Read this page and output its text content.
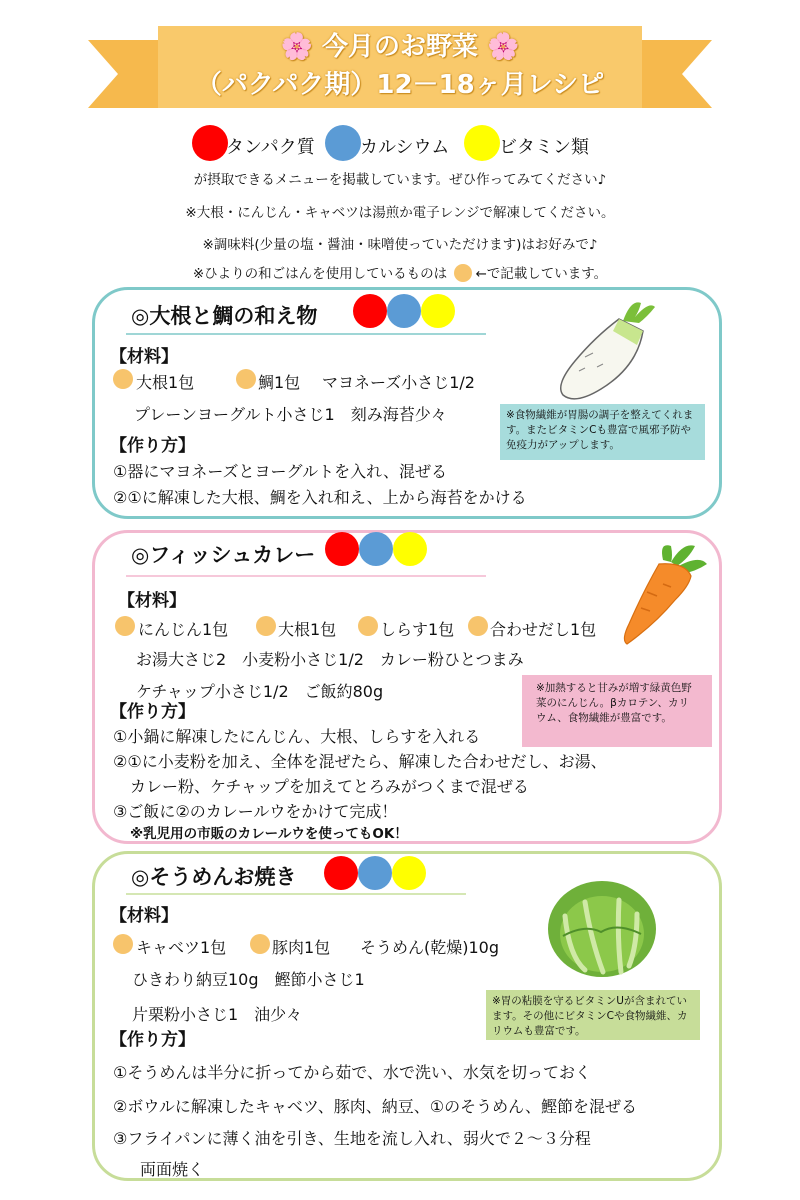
🌸 今月のお野菜 🌸
（パクパク期）12－18ヶ月レシピ
タンパク質	カルシウム	ビタミン類
が摂取できるメニューを掲載しています。ぜひ作ってみてください♪
※大根・にんじん・キャベツは湯煎か電子レンジで解凍してください。
※調味料(少量の塩・醤油・味噌使っていただけます)はお好みで♪
※ひよりの和ごはんを使用しているものは ←で記載しています。
◎大根と鯛の和え物
【材料】
大根1包	鯛1包 マヨネーズ小さじ1/2
プレーンヨーグルト小さじ1　刻み海苔少々
【作り方】
①器にマヨネーズとヨーグルトを入れ、混ぜる
②①に解凍した大根、鯛を入れ和え、上から海苔をかける
※食物繊維が胃腸の調子を整えてくれます。またビタミンCも豊富で風邪予防や免疫力がアップします。
◎フィッシュカレー
【材料】
にんじん1包	大根1包	しらす1包 合わせだし1包
お湯大さじ2　小麦粉小さじ1/2　カレー粉ひとつまみ
ケチャップ小さじ1/2　ご飯約80g
【作り方】
①小鍋に解凍したにんじん、大根、しらすを入れる
②①に小麦粉を加え、全体を混ぜたら、解凍した合わせだし、お湯、
カレー粉、ケチャップを加えてとろみがつくまで混ぜる
③ご飯に②のカレールウをかけて完成！
※乳児用の市販のカレールウを使ってもOK！
※加熱すると甘みが増す緑黄色野菜のにんじん。βカロテン、カリウム、食物繊維が豊富です。
◎そうめんお焼き
【材料】
キャベツ1包	豚肉1包 そうめん(乾燥)10g
ひきわり納豆10g　鰹節小さじ1
片栗粉小さじ1　油少々
【作り方】
①そうめんは半分に折ってから茹で、水で洗い、水気を切っておく
②ボウルに解凍したキャベツ、豚肉、納豆、①のそうめん、鰹節を混ぜる
③フライパンに薄く油を引き、生地を流し入れ、弱火で２～３分程
両面焼く
※胃の粘膜を守るビタミンUが含まれています。その他にビタミンCや食物繊維、カリウムも豊富です。
